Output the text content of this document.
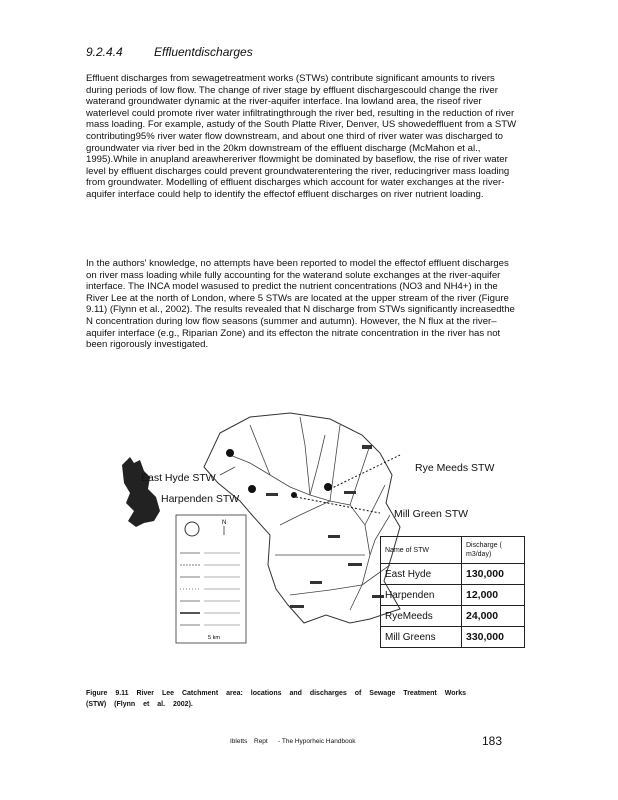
9.2.4.4	Effluentdischarges

Effluent discharges from sewagetreatment works (STWs) contribute significant amounts to rivers during periods of low flow. The change of river stage by effluent dischargescould change the river waterand groundwater dynamic at the river-aquifer interface. Ina lowland area, the riseof river waterlevel could promote river water infiltratingthrough the river bed, resulting in the reduction of river mass loading. For example, astudy of the South Platte River, Denver, US showedeffluent from a STW contributing95% river water flow downstream, and about one third of river water was discharged to groundwater via river bed in the 20km downstream of the effluent discharge (McMahon et al., 1995).While in anupland areawhereriver flowmight be dominated by baseflow, the rise of river water level by effluent discharges could prevent groundwaterentering the river, reducingriver mass loading from groundwater. Modelling of effluent discharges which account for water exchanges at the river-aquifer interface could help to identify the effectof effluent discharges on river nutrient loading.

In the authors' knowledge, no attempts have been reported to model the effectof effluent discharges on river mass loading while fully accounting for the waterand solute exchanges at the river-aquifer interface. The INCA model wasused to predict the nutrient concentrations (NO3 and NH4+) in the River Lee at the north of London, where 5 STWs are located at the upper stream of the river (Figure 9.11) (Flynn et al., 2002). The results revealed that N discharge from STWs significantly increasedthe N concentration during low flow seasons (summer and autumn). However, the N flux at the river–aquifer interface (e.g., Riparian Zone) and its effecton the nitrate concentration in the river has not been rigorously investigated.

N
5 km
East Hyde STW
Harpenden STW
Rye Meeds STW
Mill Green STW
Name of STW	Discharge ( m3/day)
East Hyde	130,000
Harpenden	12,000
RyeMeeds	24,000
Mill Greens	330,000
Figure 9.11 River Lee Catchment area: locations and discharges of Sewage Treatment Works (STW) (Flynn et al. 2002).
Ibletts Rept - The Hyporheic Handbook	183
